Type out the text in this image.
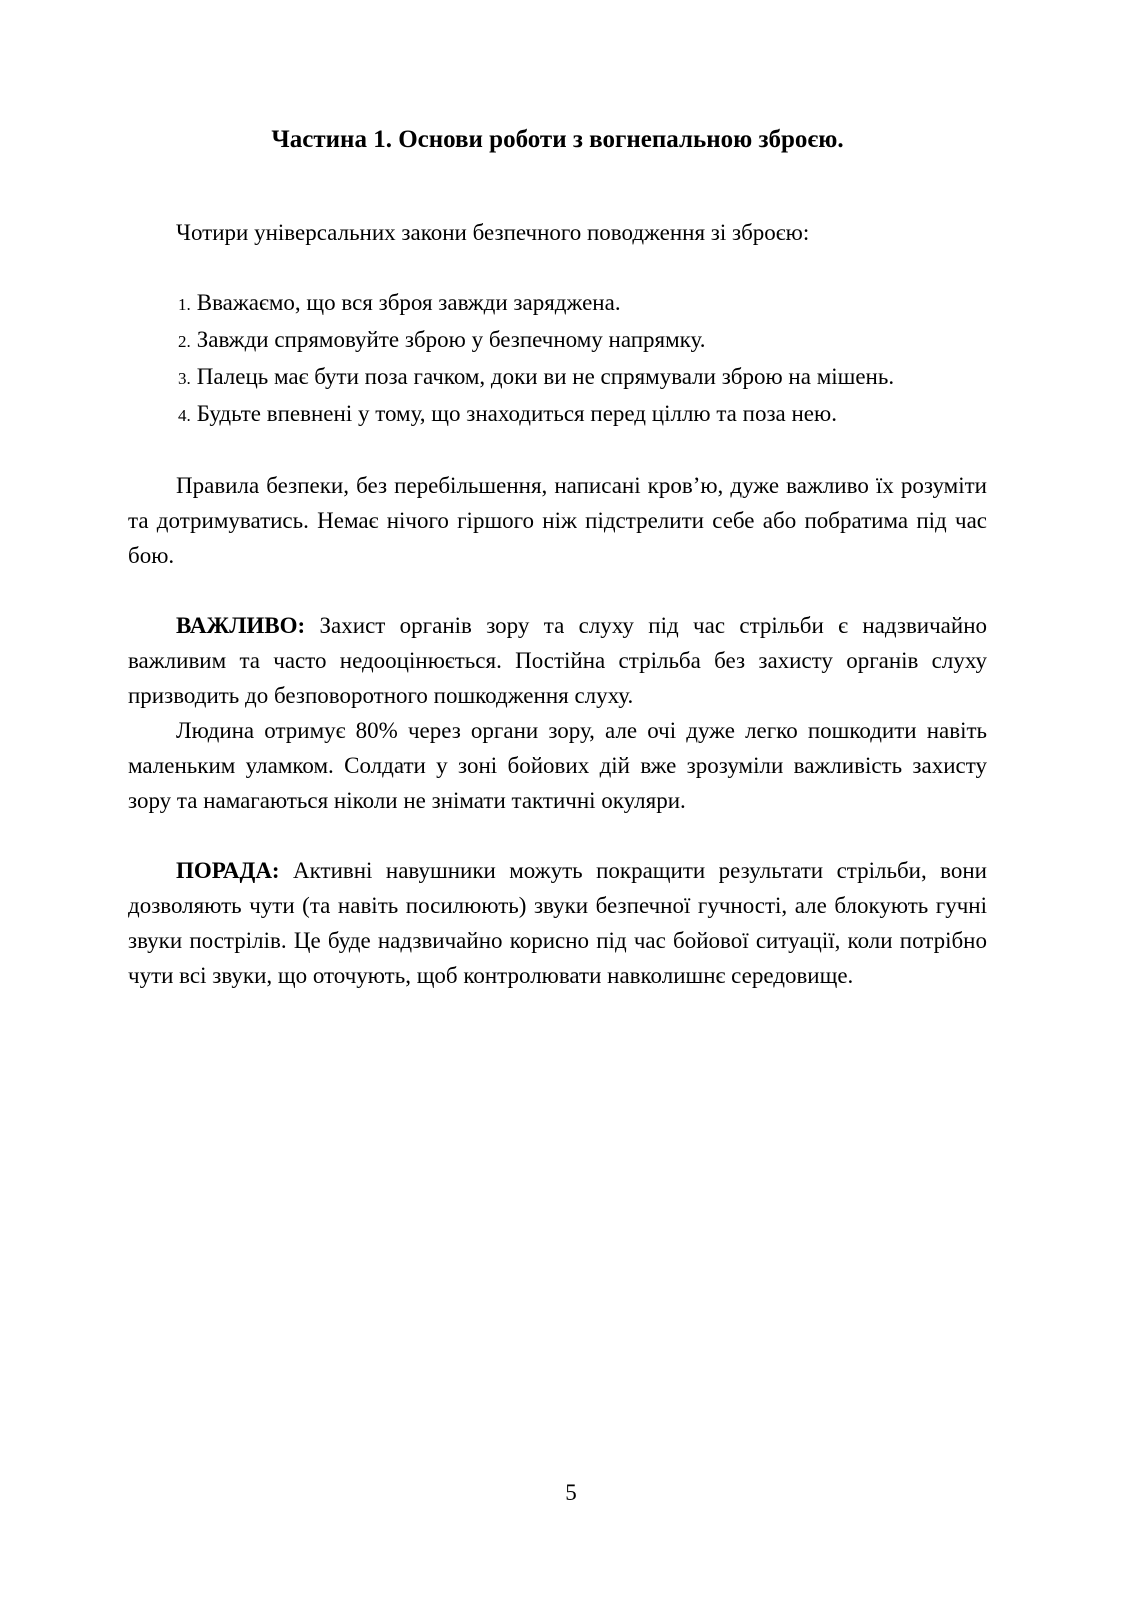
Частина 1. Основи роботи з вогнепальною зброєю.

Чотири універсальних закони безпечного поводження зі зброєю:

1. Вважаємо, що вся зброя завжди заряджена.

2. Завжди спрямовуйте зброю у безпечному напрямку.

3. Палець має бути поза гачком, доки ви не спрямували зброю на мішень.

4. Будьте впевнені у тому, що знаходиться перед ціллю та поза нею.

Правила безпеки, без перебільшення, написані кров’ю, дуже важливо їх розуміти та дотримуватись. Немає нічого гіршого ніж підстрелити себе або побратима під час бою.

ВАЖЛИВО: Захист органів зору та слуху під час стрільби є надзвичайно важливим та часто недооцінюється. Постійна стрільба без захисту органів слуху призводить до безповоротного пошкодження слуху.

Людина отримує 80% через органи зору, але очі дуже легко пошкодити навіть маленьким уламком. Солдати у зоні бойових дій вже зрозуміли важливість захисту зору та намагаються ніколи не знімати тактичні окуляри.

ПОРАДА: Активні навушники можуть покращити результати стрільби, вони дозволяють чути (та навіть посилюють) звуки безпечної гучності, але блокують гучні звуки пострілів. Це буде надзвичайно корисно під час бойової ситуації, коли потрібно чути всі звуки, що оточують, щоб контролювати навколишнє середовище.

5
